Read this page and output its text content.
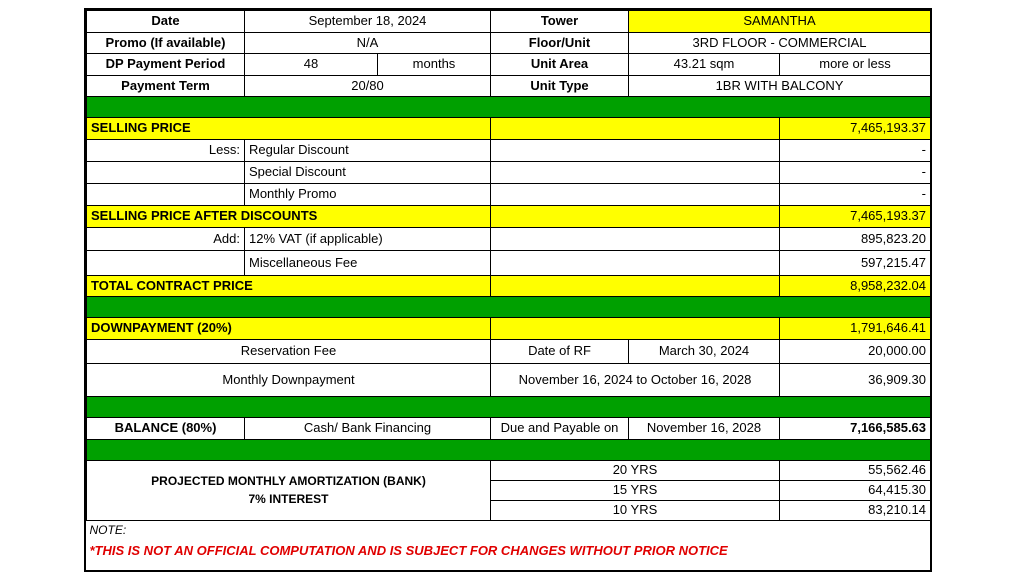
Date	September 18, 2024		Tower	SAMANTHA	
Promo (If available)	N/A		Floor/Unit	3RD FLOOR - COMMERCIAL	
DP Payment Period	48	months	Unit Area	43.21 sqm	more or less
Payment Term	20/80		Unit Type	1BR WITH BALCONY	

SELLING PRICE					7,465,193.37
Less:	Regular Discount				-
	Special Discount				-
	Monthly Promo				-
SELLING PRICE AFTER DISCOUNTS					7,465,193.37
Add:	12% VAT (if applicable)				895,823.20
	Miscellaneous Fee				597,215.47
TOTAL CONTRACT PRICE					8,958,232.04

DOWNPAYMENT (20%)					1,791,646.41
Reservation Fee			Date of RF	March 30, 2024	20,000.00
Monthly Downpayment			November 16, 2024 to October 16, 2028		36,909.30

BALANCE (80%)	Cash/ Bank Financing		Due and Payable on	November 16, 2028	7,166,585.63

PROJECTED MONTHLY AMORTIZATION (BANK)
7% INTEREST			20 YRS		55,562.46
			15 YRS		64,415.30
			10 YRS		83,210.14
NOTE:					
*THIS IS NOT AN OFFICIAL COMPUTATION AND IS SUBJECT FOR CHANGES WITHOUT PRIOR NOTICE					
